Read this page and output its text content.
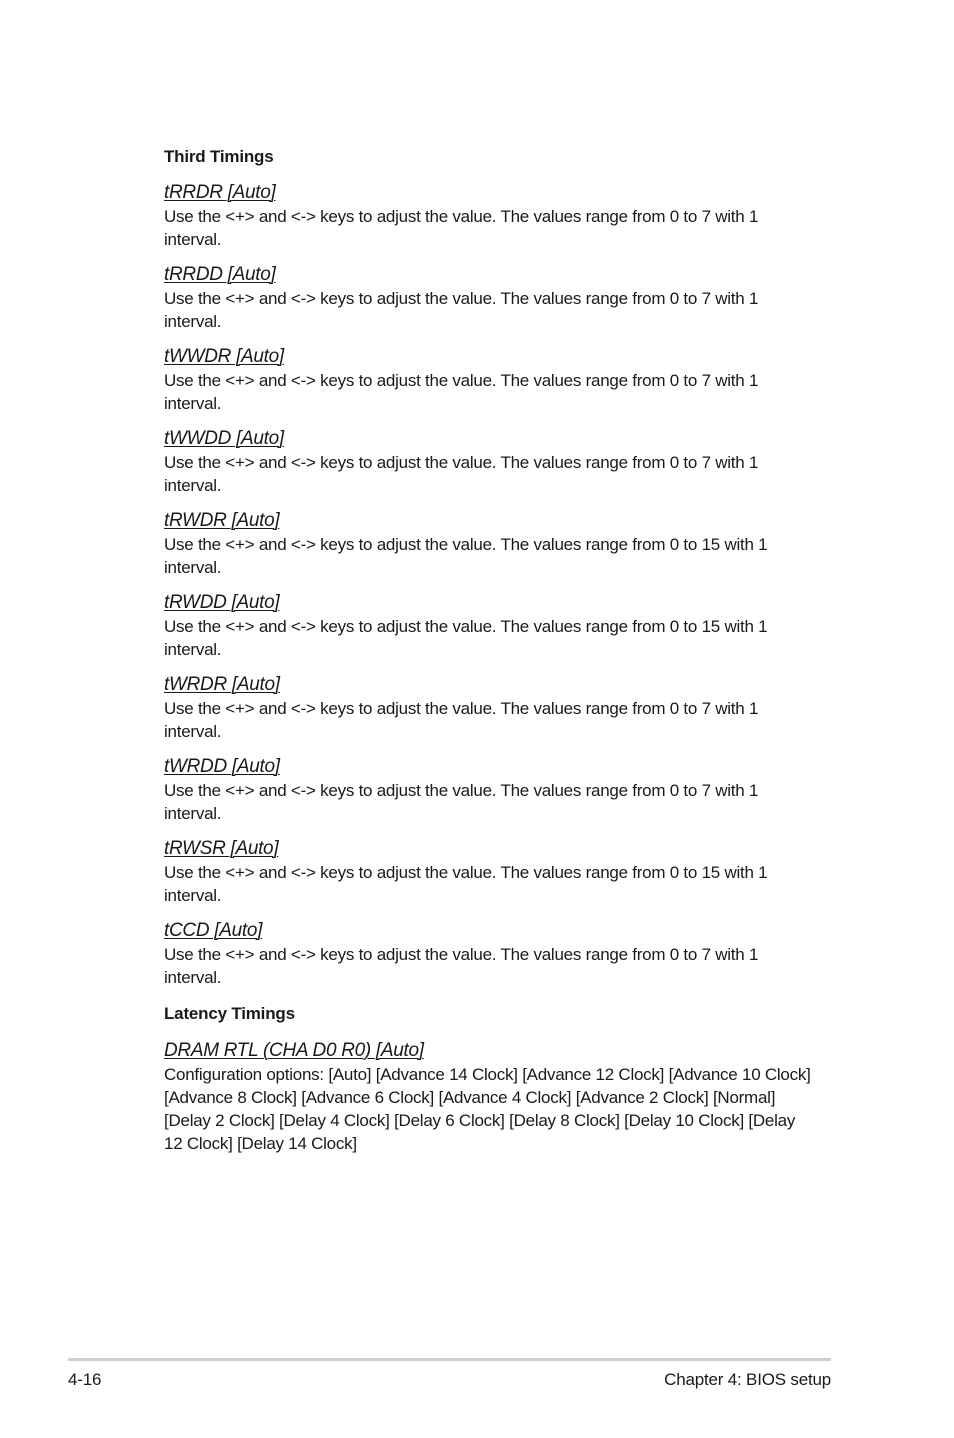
Third Timings
tRRDR [Auto]

Use the <+> and <-> keys to adjust the value. The values range from 0 to 7 with 1 interval.

tRRDD [Auto]

Use the <+> and <-> keys to adjust the value. The values range from 0 to 7 with 1 interval.

tWWDR [Auto]

Use the <+> and <-> keys to adjust the value. The values range from 0 to 7 with 1 interval.

tWWDD [Auto]

Use the <+> and <-> keys to adjust the value. The values range from 0 to 7 with 1 interval.

tRWDR [Auto]

Use the <+> and <-> keys to adjust the value. The values range from 0 to 15 with 1 interval.

tRWDD [Auto]

Use the <+> and <-> keys to adjust the value. The values range from 0 to 15 with 1 interval.

tWRDR [Auto]

Use the <+> and <-> keys to adjust the value. The values range from 0 to 7 with 1 interval.

tWRDD [Auto]

Use the <+> and <-> keys to adjust the value. The values range from 0 to 7 with 1 interval.

tRWSR [Auto]

Use the <+> and <-> keys to adjust the value. The values range from 0 to 15 with 1 interval.

tCCD [Auto]

Use the <+> and <-> keys to adjust the value. The values range from 0 to 7 with 1 interval.

Latency Timings
DRAM RTL (CHA D0 R0) [Auto]

Configuration options: [Auto] [Advance 14 Clock] [Advance 12 Clock] [Advance 10 Clock] [Advance 8 Clock] [Advance 6 Clock] [Advance 4 Clock] [Advance 2 Clock] [Normal] [Delay 2 Clock] [Delay 4 Clock] [Delay 6 Clock] [Delay 8 Clock] [Delay 10 Clock] [Delay 12 Clock] [Delay 14 Clock]

4-16	Chapter 4: BIOS setup
